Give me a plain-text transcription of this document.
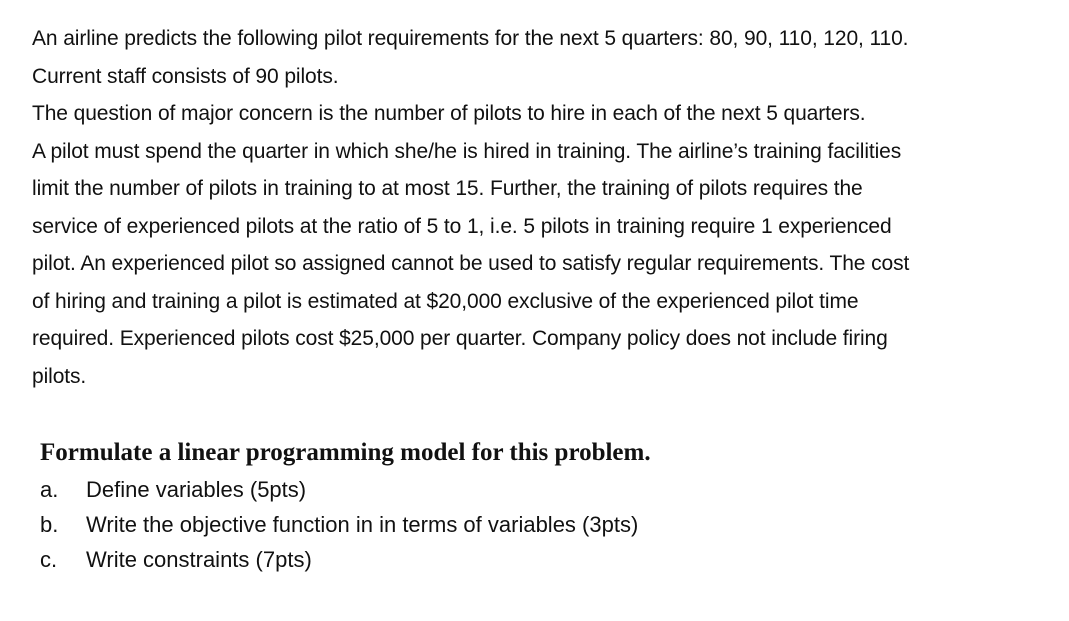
An airline predicts the following pilot requirements for the next 5 quarters: 80, 90, 110, 120, 110.
Current staff consists of 90 pilots.
The question of major concern is the number of pilots to hire in each of the next 5 quarters.
A pilot must spend the quarter in which she/he is hired in training. The airline’s training facilities
limit the number of pilots in training to at most 15. Further, the training of pilots requires the
service of experienced pilots at the ratio of 5 to 1, i.e. 5 pilots in training require 1 experienced
pilot. An experienced pilot so assigned cannot be used to satisfy regular requirements. The cost
of hiring and training a pilot is estimated at $20,000 exclusive of the experienced pilot time
required. Experienced pilots cost $25,000 per quarter. Company policy does not include firing
pilots.
Formulate a linear programming model for this problem.
a. Define variables (5pts)
b. Write the objective function in in terms of variables (3pts)
c. Write constraints (7pts)
